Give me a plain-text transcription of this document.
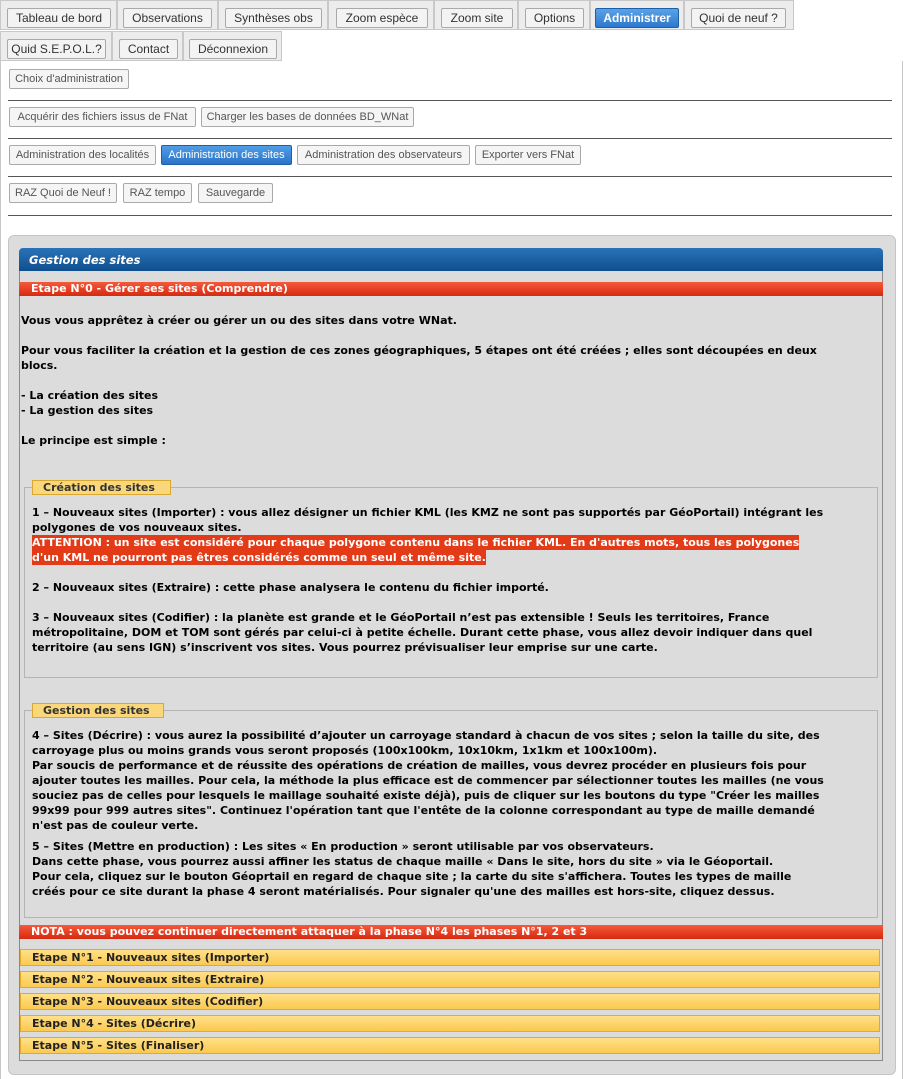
Tableau de bord	Observations	Synthèses obs	Zoom espèce	Zoom site	Options	Administrer	Quoi de neuf ?
Quid S.E.P.O.L.?	Contact	Déconnexion
Choix d'administration
Acquérir des fichiers issus de FNat	Charger les bases de données BD_WNat
Administration des localités	Administration des sites	Administration des observateurs	Exporter vers FNat
RAZ Quoi de Neuf !	RAZ tempo	Sauvegarde
Gestion des sites
Etape N°0 - Gérer ses sites (Comprendre)
Vous vous apprêtez à créer ou gérer un ou des sites dans votre WNat.
Pour vous faciliter la création et la gestion de ces zones géographiques, 5 étapes ont été créées ; elles sont découpées en deux
blocs.
- La création des sites
- La gestion des sites
Le principe est simple :
Création des sites
1 – Nouveaux sites (Importer) : vous allez désigner un fichier KML (les KMZ ne sont pas supportés par GéoPortail) intégrant les
polygones de vos nouveaux sites.
ATTENTION : un site est considéré pour chaque polygone contenu dans le fichier KML. En d'autres mots, tous les polygones
d'un KML ne pourront pas êtres considérés comme un seul et même site.
2 – Nouveaux sites (Extraire) : cette phase analysera le contenu du fichier importé.
3 – Nouveaux sites (Codifier) : la planète est grande et le GéoPortail n’est pas extensible ! Seuls les territoires, France
métropolitaine, DOM et TOM sont gérés par celui-ci à petite échelle. Durant cette phase, vous allez devoir indiquer dans quel
territoire (au sens IGN) s’inscrivent vos sites. Vous pourrez prévisualiser leur emprise sur une carte.
Gestion des sites
4 – Sites (Décrire) : vous aurez la possibilité d’ajouter un carroyage standard à chacun de vos sites ; selon la taille du site, des
carroyage plus ou moins grands vous seront proposés (100x100km, 10x10km, 1x1km et 100x100m).
Par soucis de performance et de réussite des opérations de création de mailles, vous devrez procéder en plusieurs fois pour
ajouter toutes les mailles. Pour cela, la méthode la plus efficace est de commencer par sélectionner toutes les mailles (ne vous
souciez pas de celles pour lesquels le maillage souhaité existe déjà), puis de cliquer sur les boutons du type "Créer les mailles
99x99 pour 999 autres sites". Continuez l'opération tant que l'entête de la colonne correspondant au type de maille demandé
n'est pas de couleur verte.
5 – Sites (Mettre en production) : Les sites « En production » seront utilisable par vos observateurs.
Dans cette phase, vous pourrez aussi affiner les status de chaque maille « Dans le site, hors du site » via le Géoportail.
Pour cela, cliquez sur le bouton Géoprtail en regard de chaque site ; la carte du site s'affichera. Toutes les types de maille
créés pour ce site durant la phase 4 seront matérialisés. Pour signaler qu'une des mailles est hors-site, cliquez dessus.
NOTA : vous pouvez continuer directement attaquer à la phase N°4 les phases N°1, 2 et 3
Etape N°1 - Nouveaux sites (Importer)
Etape N°2 - Nouveaux sites (Extraire)
Etape N°3 - Nouveaux sites (Codifier)
Etape N°4 - Sites (Décrire)
Etape N°5 - Sites (Finaliser)
